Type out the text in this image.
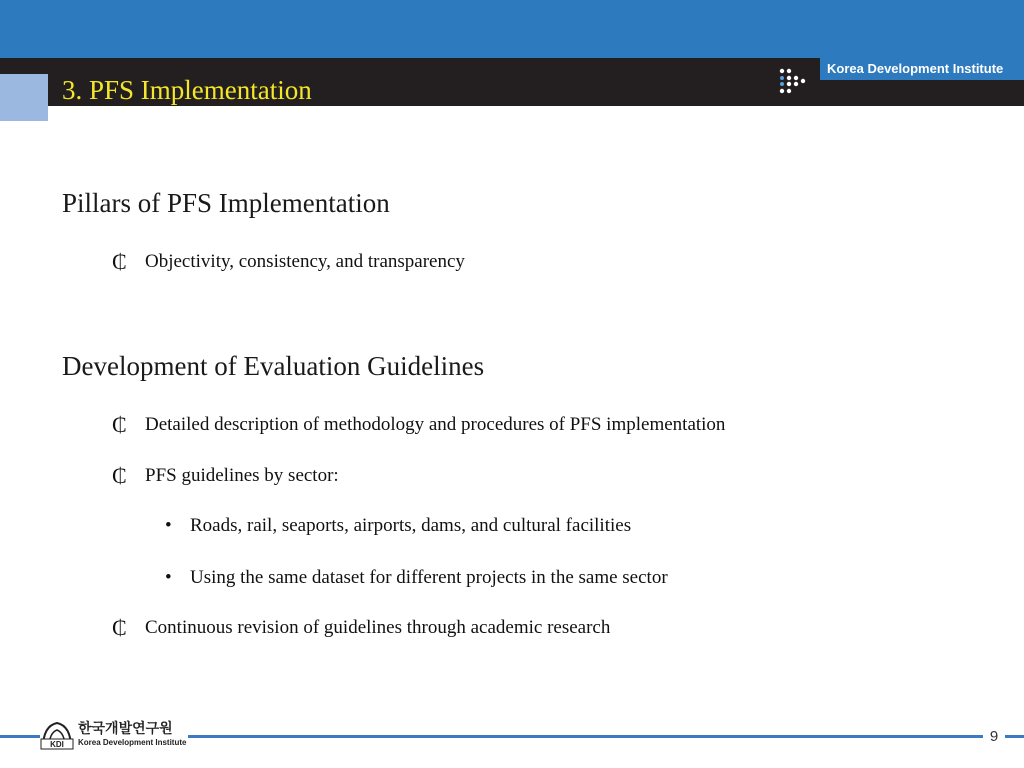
3. PFS Implementation
Korea Development Institute
Pillars of PFS Implementation
₵ Objectivity, consistency, and transparency
Development of Evaluation Guidelines
₵ Detailed description of methodology and procedures of PFS implementation
₵ PFS guidelines by sector:
• Roads, rail, seaports, airports, dams, and cultural facilities
• Using the same dataset for different projects in the same sector
₵ Continuous revision of guidelines through academic research
KDI
한국개발연구원
Korea Development Institute	9
